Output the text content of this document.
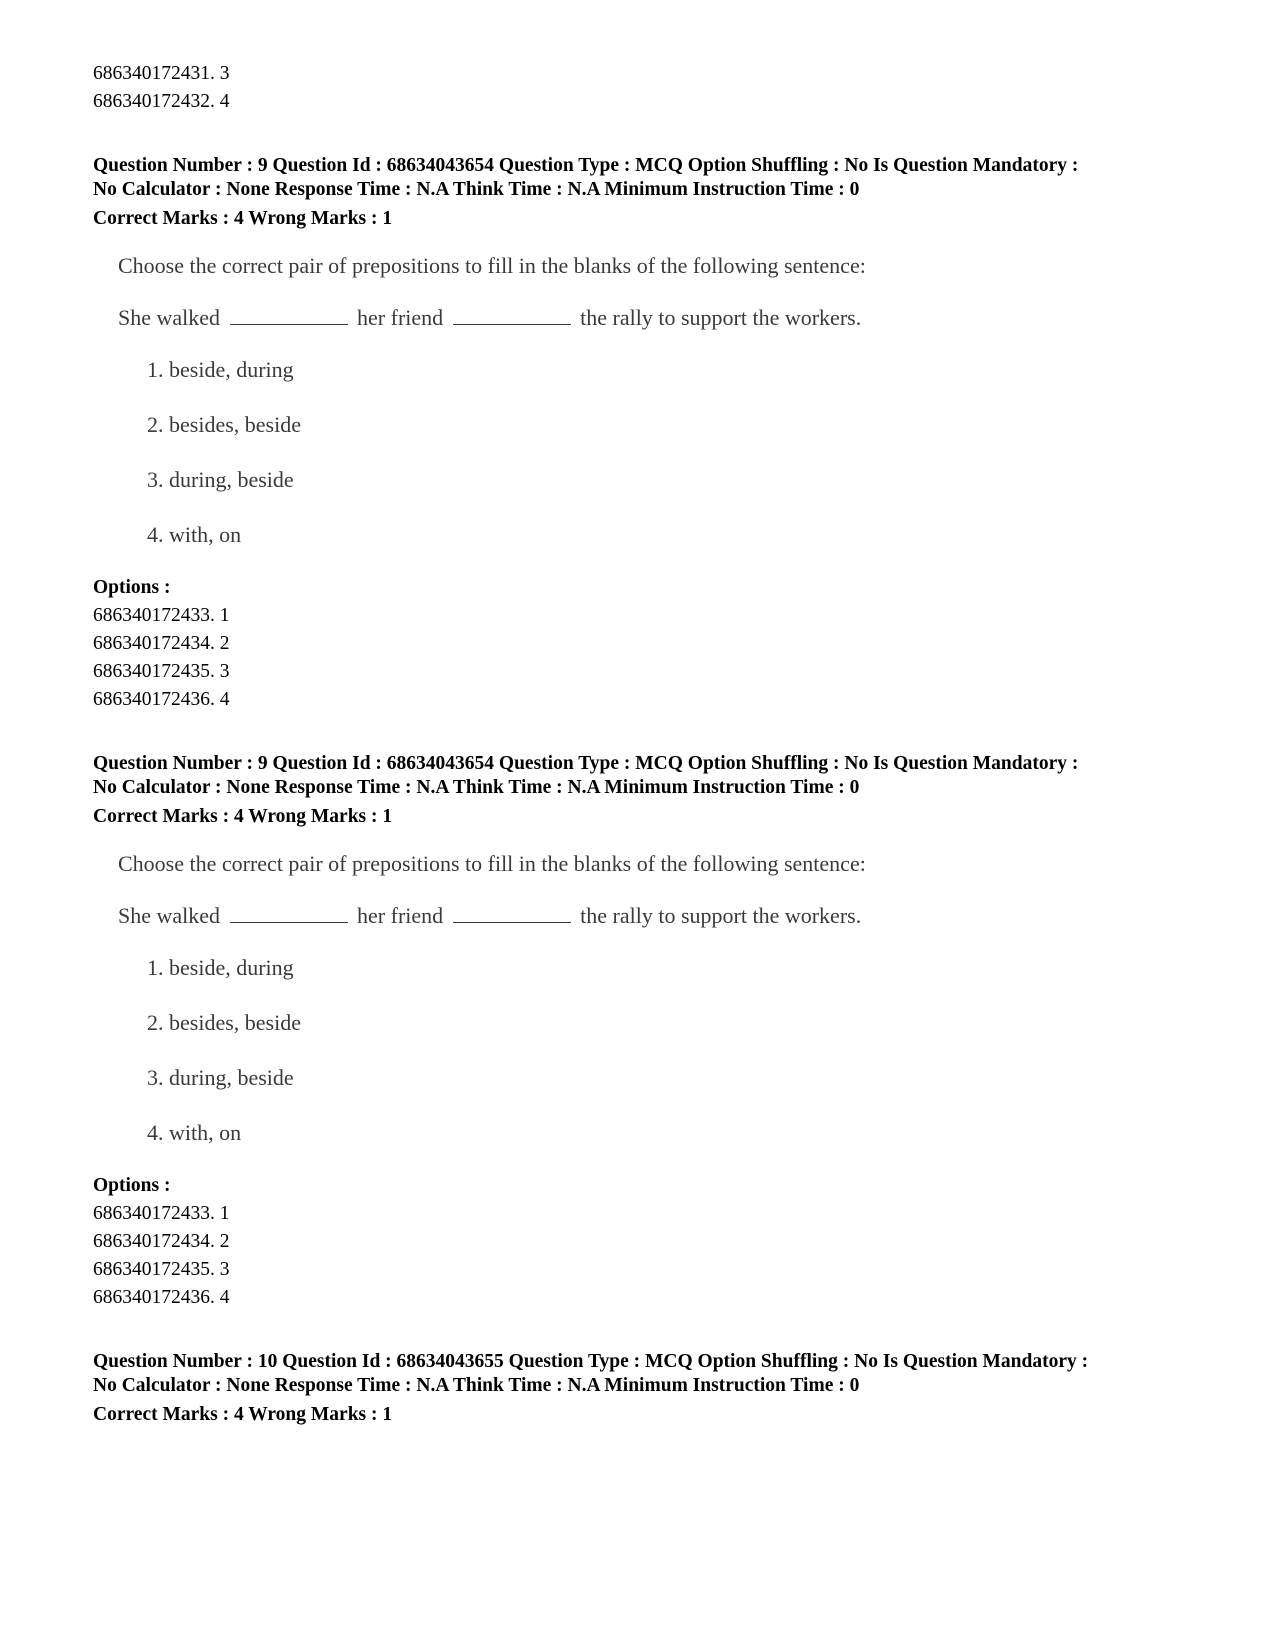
686340172431. 3
686340172432. 4
Question Number : 9 Question Id : 68634043654 Question Type : MCQ Option Shuffling : No Is Question Mandatory :
No Calculator : None Response Time : N.A Think Time : N.A Minimum Instruction Time : 0
Correct Marks : 4 Wrong Marks : 1
Choose the correct pair of prepositions to fill in the blanks of the following sentence:
She walked	her friend	the rally to support the workers.
1. beside, during
2. besides, beside
3. during, beside
4. with, on
Options :
686340172433. 1
686340172434. 2
686340172435. 3
686340172436. 4
Question Number : 9 Question Id : 68634043654 Question Type : MCQ Option Shuffling : No Is Question Mandatory :
No Calculator : None Response Time : N.A Think Time : N.A Minimum Instruction Time : 0
Correct Marks : 4 Wrong Marks : 1
Choose the correct pair of prepositions to fill in the blanks of the following sentence:
She walked	her friend	the rally to support the workers.
1. beside, during
2. besides, beside
3. during, beside
4. with, on
Options :
686340172433. 1
686340172434. 2
686340172435. 3
686340172436. 4
Question Number : 10 Question Id : 68634043655 Question Type : MCQ Option Shuffling : No Is Question Mandatory :
No Calculator : None Response Time : N.A Think Time : N.A Minimum Instruction Time : 0
Correct Marks : 4 Wrong Marks : 1
